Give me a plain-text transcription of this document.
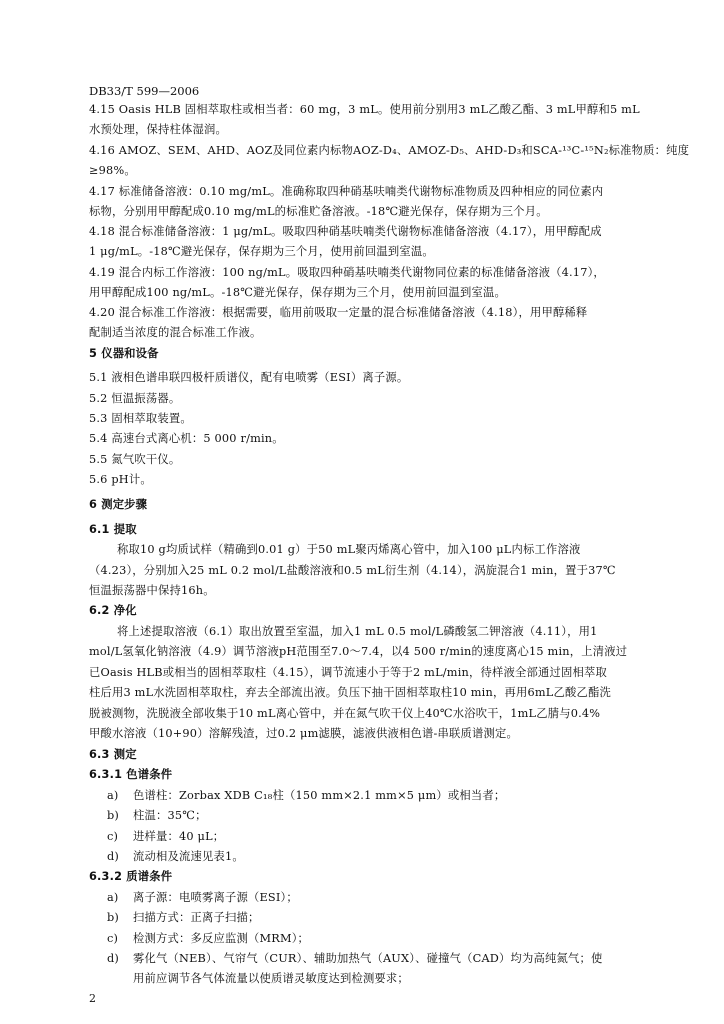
DB33/T 599—2006
4.15 Oasis HLB 固相萃取柱或相当者：60 mg，3 mL。使用前分别用3 mL乙酸乙酯、3 mL甲醇和5 mL
水预处理，保持柱体湿润。
4.16 AMOZ、SEM、AHD、AOZ及同位素内标物AOZ-D₄、AMOZ-D₅、AHD-D₃和SCA-¹³C-¹⁵N₂标准物质：纯度
≥98%。
4.17 标准储备溶液：0.10 mg/mL。准确称取四种硝基呋喃类代谢物标准物质及四种相应的同位素内
标物，分别用甲醇配成0.10 mg/mL的标准贮备溶液。-18℃避光保存，保存期为三个月。
4.18 混合标准储备溶液：1 μg/mL。吸取四种硝基呋喃类代谢物标准储备溶液（4.17），用甲醇配成
1 μg/mL。-18℃避光保存，保存期为三个月，使用前回温到室温。
4.19 混合内标工作溶液：100 ng/mL。吸取四种硝基呋喃类代谢物同位素的标准储备溶液（4.17），
用甲醇配成100 ng/mL。-18℃避光保存，保存期为三个月，使用前回温到室温。
4.20 混合标准工作溶液：根据需要，临用前吸取一定量的混合标准储备溶液（4.18），用甲醇稀释
配制适当浓度的混合标准工作液。
5 仪器和设备
5.1 液相色谱串联四极杆质谱仪，配有电喷雾（ESI）离子源。
5.2 恒温振荡器。
5.3 固相萃取装置。
5.4 高速台式离心机：5 000 r/min。
5.5 氮气吹干仪。
5.6 pH计。
6 测定步骤
6.1 提取
称取10 g均质试样（精确到0.01 g）于50 mL聚丙烯离心管中，加入100 μL内标工作溶液
（4.23），分别加入25 mL 0.2 mol/L盐酸溶液和0.5 mL衍生剂（4.14），涡旋混合1 min，置于37℃
恒温振荡器中保持16h。
6.2 净化
将上述提取溶液（6.1）取出放置至室温，加入1 mL 0.5 mol/L磷酸氢二钾溶液（4.11），用1
mol/L氢氧化钠溶液（4.9）调节溶液pH范围至7.0～7.4，以4 500 r/min的速度离心15 min，上清液过
已Oasis HLB或相当的固相萃取柱（4.15），调节流速小于等于2 mL/min，待样液全部通过固相萃取
柱后用3 mL水洗固相萃取柱，弃去全部流出液。负压下抽干固相萃取柱10 min，再用6mL乙酸乙酯洗
脱被测物，洗脱液全部收集于10 mL离心管中，并在氮气吹干仪上40℃水浴吹干，1mL乙腈与0.4%
甲酸水溶液（10+90）溶解残渣，过0.2 μm滤膜，滤液供液相色谱-串联质谱测定。
6.3 测定
6.3.1 色谱条件
a)	色谱柱：Zorbax XDB C₁₈柱（150 mm×2.1 mm×5 μm）或相当者；
b)	柱温：35℃；
c)	进样量：40 μL；
d)	流动相及流速见表1。
6.3.2 质谱条件
a)	离子源：电喷雾离子源（ESI）；
b)	扫描方式：正离子扫描；
c)	检测方式：多反应监测（MRM）；
d)	雾化气（NEB）、气帘气（CUR）、辅助加热气（AUX）、碰撞气（CAD）均为高纯氮气；使
用前应调节各气体流量以使质谱灵敏度达到检测要求；
2
